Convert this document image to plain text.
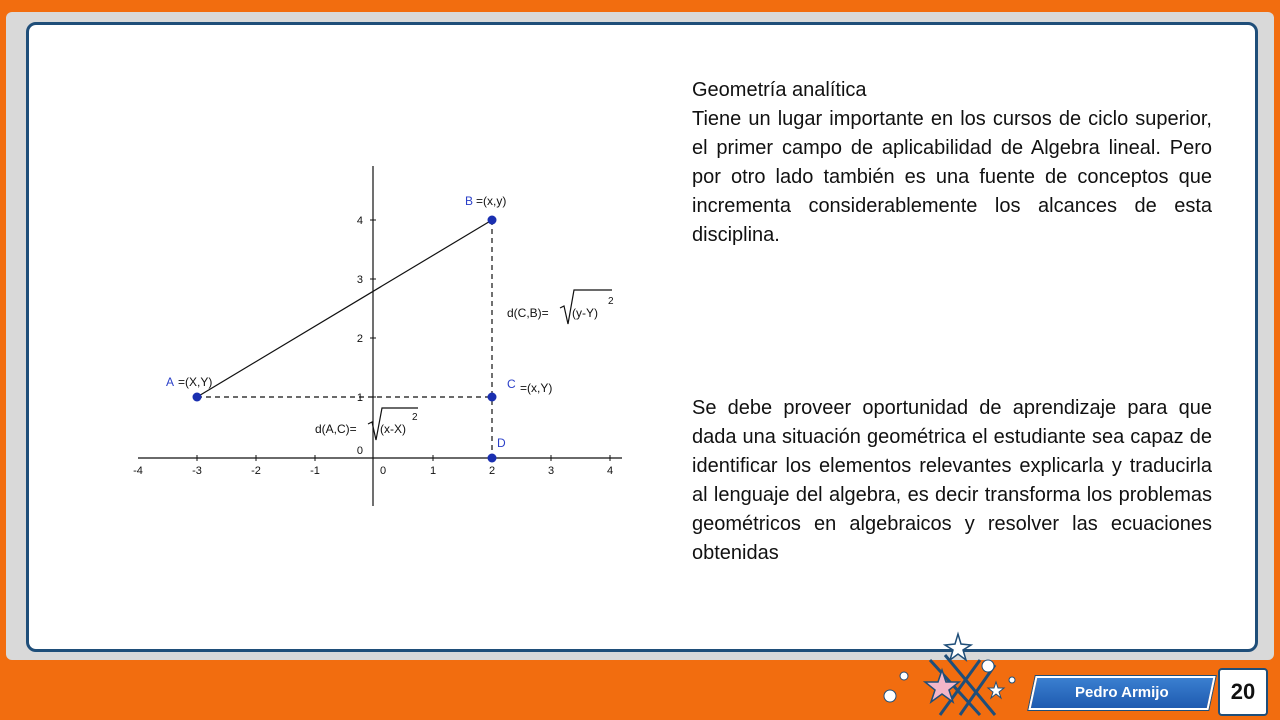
-4	-3	-2	-1	0	1	2	3	4
1
2
3
4
0
A =(X,Y)
B =(x,y)
C =(x,Y)
D
d(C,B)= (y-Y)
2
d(A,C)= (x-X)
2

Geometría analítica

Tiene un lugar importante en los cursos de ciclo superior, el primer campo de aplicabilidad de Algebra lineal. Pero por otro lado también es una fuente de conceptos que incrementa considerablemente los alcances de esta disciplina.

Se debe proveer oportunidad de aprendizaje para que dada una situación geométrica el estudiante sea capaz de identificar los elementos relevantes explicarla y traducirla al lenguaje del algebra, es decir transforma los problemas geométricos en algebraicos y resolver las ecuaciones obtenidas

Pedro Armijo	20
